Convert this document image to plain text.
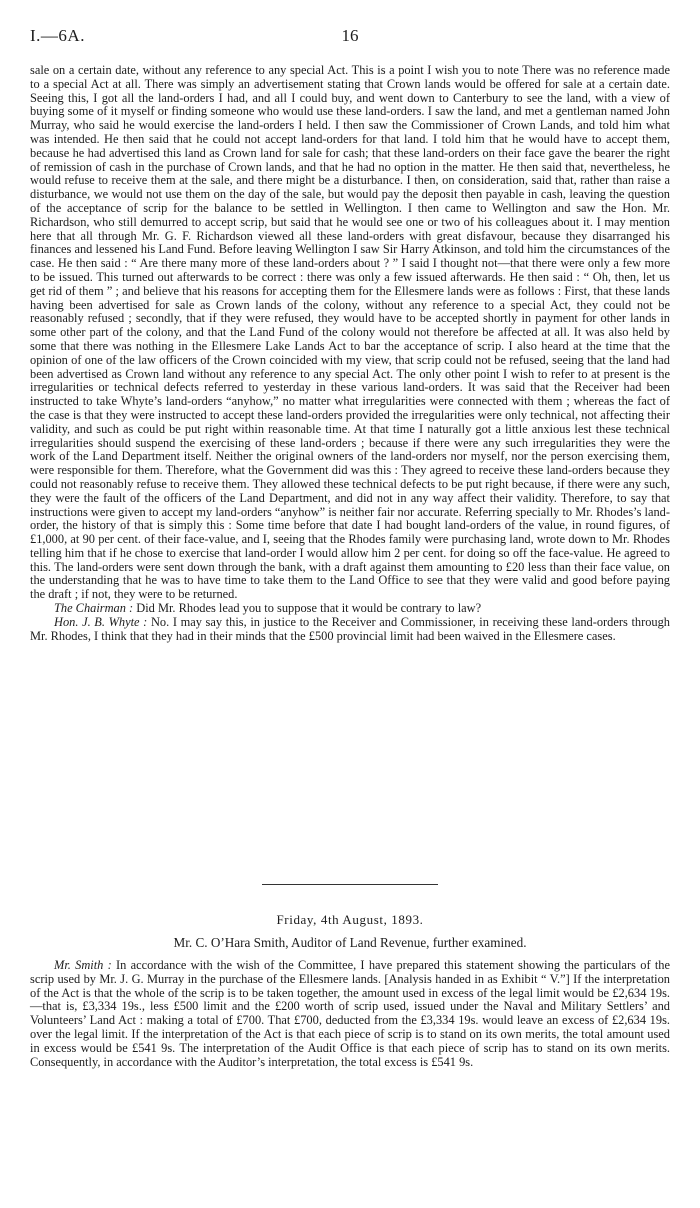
16
I.—6A.

sale on a certain date, without any reference to any special Act. This is a point I wish you to note There was no reference made to a special Act at all. There was simply an advertisement stating that Crown lands would be offered for sale at a certain date. Seeing this, I got all the land-orders I had, and all I could buy, and went down to Canterbury to see the land, with a view of buying some of it myself or finding someone who would use these land-orders. I saw the land, and met a gentleman named John Murray, who said he would exercise the land-orders I held. I then saw the Commissioner of Crown Lands, and told him what was intended. He then said that he could not accept land-orders for that land. I told him that he would have to accept them, because he had advertised this land as Crown land for sale for cash; that these land-orders on their face gave the bearer the right of remission of cash in the purchase of Crown lands, and that he had no option in the matter. He then said that, nevertheless, he would refuse to receive them at the sale, and there might be a disturbance. I then, on consideration, said that, rather than raise a disturbance, we would not use them on the day of the sale, but would pay the deposit then payable in cash, leaving the question of the acceptance of scrip for the balance to be settled in Wellington. I then came to Wellington and saw the Hon. Mr. Richardson, who still demurred to accept scrip, but said that he would see one or two of his colleagues about it. I may mention here that all through Mr. G. F. Richardson viewed all these land-orders with great disfavour, because they disarranged his finances and lessened his Land Fund. Before leaving Wellington I saw Sir Harry Atkinson, and told him the circumstances of the case. He then said : “ Are there many more of these land-orders about ? ” I said I thought not—that there were only a few more to be issued. This turned out afterwards to be correct : there was only a few issued afterwards. He then said : “ Oh, then, let us get rid of them ” ; and believe that his reasons for accepting them for the Ellesmere lands were as follows : First, that these lands having been advertised for sale as Crown lands of the colony, without any reference to a special Act, they could not be reasonably refused ; secondly, that if they were refused, they would have to be accepted shortly in payment for other lands in some other part of the colony, and that the Land Fund of the colony would not therefore be affected at all. It was also held by some that there was nothing in the Ellesmere Lake Lands Act to bar the acceptance of scrip. I also heard at the time that the opinion of one of the law officers of the Crown coincided with my view, that scrip could not be refused, seeing that the land had been advertised as Crown land without any reference to any special Act. The only other point I wish to refer to at present is the irregularities or technical defects referred to yesterday in these various land-orders. It was said that the Receiver had been instructed to take Whyte’s land-orders “anyhow,” no matter what irregularities were connected with them ; whereas the fact of the case is that they were instructed to accept these land-orders provided the irregularities were only technical, not affecting their validity, and such as could be put right within reasonable time. At that time I naturally got a little anxious lest these technical irregularities should suspend the exercising of these land-orders ; because if there were any such irregularities they were the work of the Land Department itself. Neither the original owners of the land-orders nor myself, nor the person exercising them, were responsible for them. Therefore, what the Government did was this : They agreed to receive these land-orders because they could not reasonably refuse to receive them. They allowed these technical defects to be put right because, if there were any such, they were the fault of the officers of the Land Department, and did not in any way affect their validity. Therefore, to say that instructions were given to accept my land-orders “anyhow” is neither fair nor accurate. Referring specially to Mr. Rhodes’s land-order, the history of that is simply this : Some time before that date I had bought land-orders of the value, in round figures, of £1,000, at 90 per cent. of their face-value, and I, seeing that the Rhodes family were purchasing land, wrote down to Mr. Rhodes telling him that if he chose to exercise that land-order I would allow him 2 per cent. for doing so off the face-value. He agreed to this. The land-orders were sent down through the bank, with a draft against them amounting to £20 less than their face value, on the understanding that he was to have time to take them to the Land Office to see that they were valid and good before paying the draft ; if not, they were to be returned.

The Chairman : Did Mr. Rhodes lead you to suppose that it would be contrary to law?

Hon. J. B. Whyte : No. I may say this, in justice to the Receiver and Commissioner, in receiving these land-orders through Mr. Rhodes, I think that they had in their minds that the £500 provincial limit had been waived in the Ellesmere cases.

Friday, 4th August, 1893.
Mr. C. O’Hara Smith, Auditor of Land Revenue, further examined.

Mr. Smith : In accordance with the wish of the Committee, I have prepared this statement showing the particulars of the scrip used by Mr. J. G. Murray in the purchase of the Ellesmere lands. [Analysis handed in as Exhibit “ V.”] If the interpretation of the Act is that the whole of the scrip is to be taken together, the amount used in excess of the legal limit would be £2,634 19s. —that is, £3,334 19s., less £500 limit and the £200 worth of scrip used, issued under the Naval and Military Settlers’ and Volunteers’ Land Act : making a total of £700. That £700, deducted from the £3,334 19s. would leave an excess of £2,634 19s. over the legal limit. If the interpretation of the Act is that each piece of scrip is to stand on its own merits, the total amount used in excess would be £541 9s. The interpretation of the Audit Office is that each piece of scrip has to stand on its own merits. Consequently, in accordance with the Auditor’s interpretation, the total excess is £541 9s.
